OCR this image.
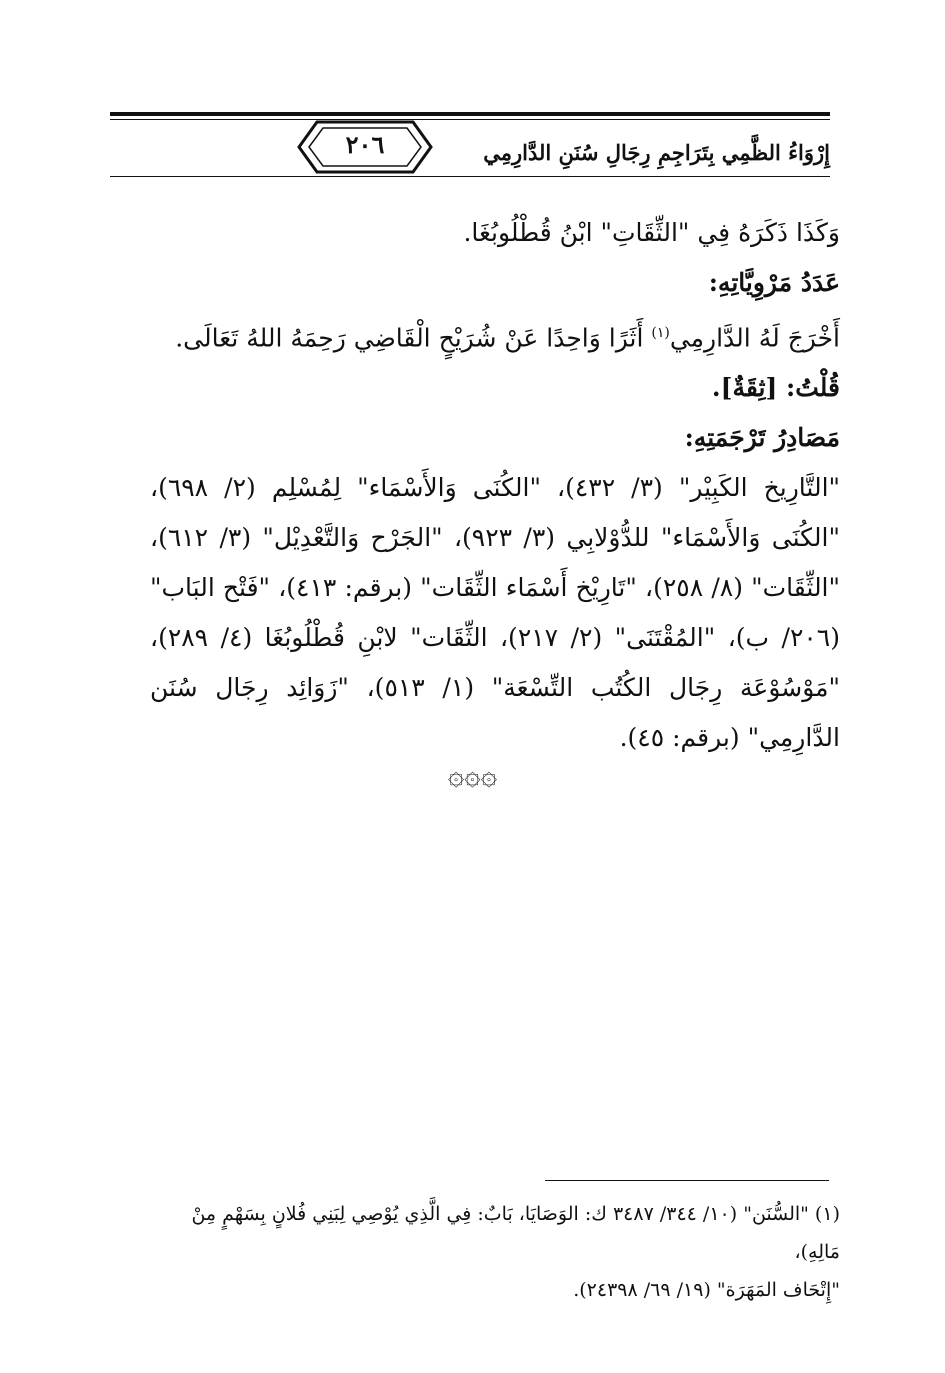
٢٠٦	إِرْوَاءُ الظَّمِي بِتَرَاجِمِ رِجَالِ سُنَنِ الدَّارِمِي

وَكَذَا ذَكَرَهُ فِي "الثِّقَاتِ" ابْنُ قُطْلُوبُغَا.

عَدَدُ مَرْوِيَّاتِهِ:

أَخْرَجَ لَهُ الدَّارِمِي$^{(١)}$ أَثَرًا وَاحِدًا عَنْ شُرَيْحٍ الْقَاضِي رَحِمَهُ اللهُ تَعَالَى.

قُلْتُ: [ثِقَةٌ].

مَصَادِرُ تَرْجَمَتِهِ:

"التَّارِيخ الكَبِيْر" (٣/ ٤٣٢)، "الكُنَى وَالأَسْمَاء" لِمُسْلِم (٢/ ٦٩٨)، "الكُنَى وَالأَسْمَاء" للدُّوْلابِي (٣/ ٩٢٣)، "الجَرْح وَالتَّعْدِيْل" (٣/ ٦١٢)، "الثِّقَات" (٨/ ٢٥٨)، "تَارِيْخ أَسْمَاء الثِّقَات" (برقم: ٤١٣)، "فَتْح البَاب"(٢٠٦/ ب)، "المُقْتَنَى" (٢/ ٢١٧)، الثِّقَات" لابْنِ قُطْلُوبُغَا (٤/ ٢٨٩)، "مَوْسُوْعَة رِجَال الكُتُب التِّسْعَة" (١/ ٥١٣)، "زَوَائِد رِجَال سُنَن الدَّارِمِي" (برقم: ٤٥).

۞۞۞

(١) "السُّنَن" (١٠/ ٣٤٤/ ٣٤٨٧ ك: الوَصَايَا، بَابٌ: فِي الَّذِي يُوْصِي لِبَنِي فُلانٍ بِسَهْمٍ مِنْ مَالِهِ)،

"إِتْحَاف المَهَرَة" (١٩/ ٦٩/ ٢٤٣٩٨).
